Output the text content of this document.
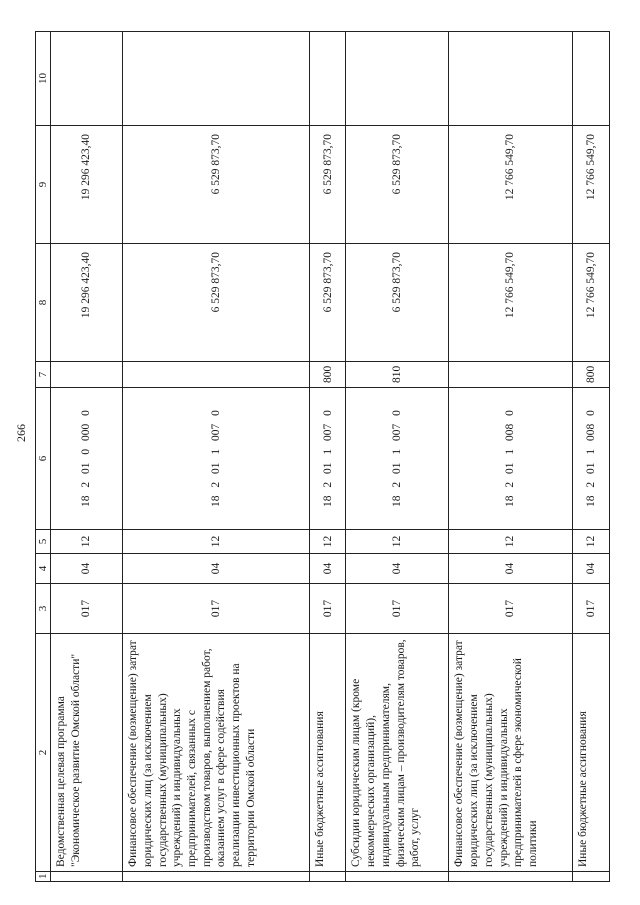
266
1	2	3	4	5	6	7	8	9	10
	Ведомственная целевая программа "Экономическое развитие Омской области"	017	04	12	18 2 01 0 000 0		19 296 423,40	19 296 423,40	
	Финансовое обеспечение (возмещение) затрат юридических лиц (за исключением государственных (муниципальных) учреждений) и индивидуальных предпринимателей, связанных с производством товаров, выполнением работ, оказанием услуг в сфере содействия реализации инвестиционных проектов на территории Омской области	017	04	12	18 2 01 1 007 0		6 529 873,70	6 529 873,70	
	Иные бюджетные ассигнования	017	04	12	18 2 01 1 007 0	800	6 529 873,70	6 529 873,70	
	Субсидии юридическим лицам (кроме некоммерческих организаций), индивидуальным предпринимателям, физическим лицам – производителям товаров, работ, услуг	017	04	12	18 2 01 1 007 0	810	6 529 873,70	6 529 873,70	
	Финансовое обеспечение (возмещение) затрат юридических лиц (за исключением государственных (муниципальных) учреждений) и индивидуальных предпринимателей в сфере экономической политики	017	04	12	18 2 01 1 008 0		12 766 549,70	12 766 549,70	
	Иные бюджетные ассигнования	017	04	12	18 2 01 1 008 0	800	12 766 549,70	12 766 549,70	
